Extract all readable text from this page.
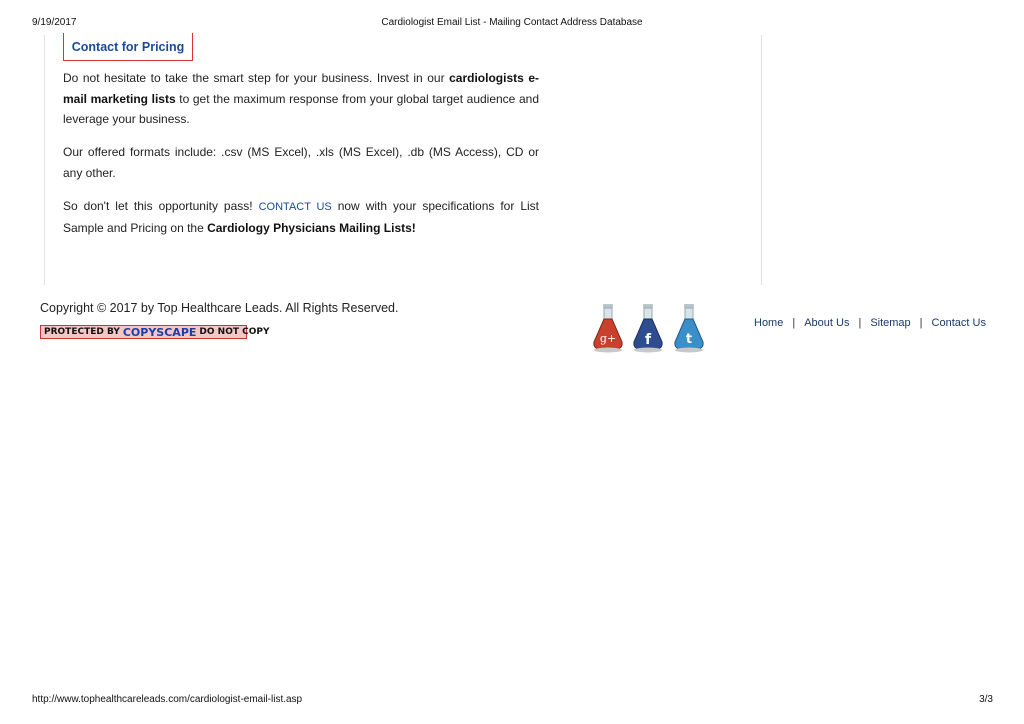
9/19/2017	Cardiologist Email List - Mailing Contact Address Database
Contact for Pricing
Do not hesitate to take the smart step for your business. Invest in our cardiologists e-mail marketing lists to get the maximum response from your global target audience and leverage your business.
Our offered formats include: .csv (MS Excel), .xls (MS Excel), .db (MS Access), CD or any other.
So don't let this opportunity pass! CONTACT US now with your specifications for List Sample and Pricing on the Cardiology Physicians Mailing Lists!
Copyright © 2017 by Top Healthcare Leads. All Rights Reserved.
PROTECTED BY COPYSCAPE DO NOT COPY	g+ f	t
Home | About Us | Sitemap | Contact Us
http://www.tophealthcareleads.com/cardiologist-email-list.asp	3/3
